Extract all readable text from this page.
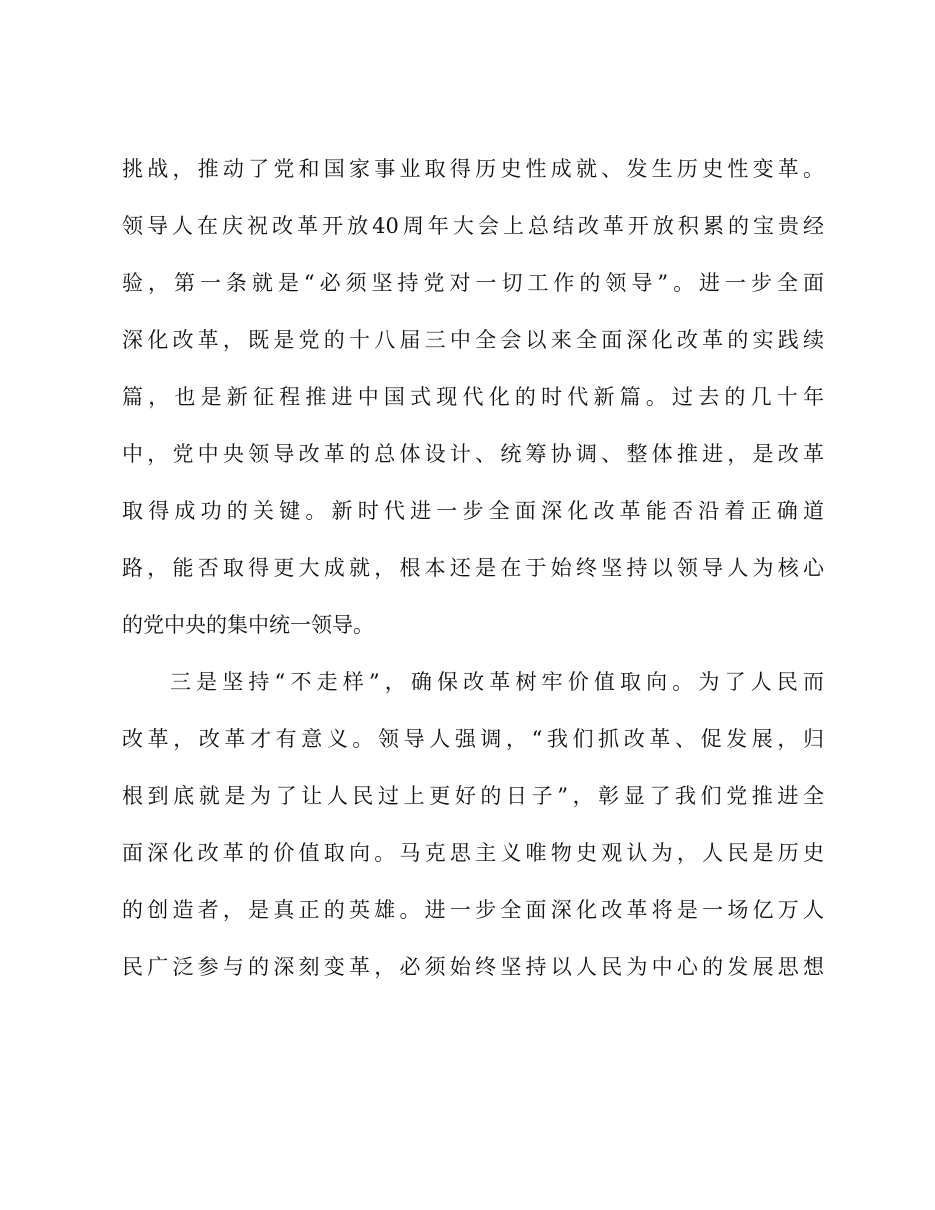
挑战，推动了党和国家事业取得历史性成就、发生历史性变革。
领导人在庆祝改革开放40周年大会上总结改革开放积累的宝贵经
验，第一条就是“必须坚持党对一切工作的领导”。进一步全面
深化改革，既是党的十八届三中全会以来全面深化改革的实践续
篇，也是新征程推进中国式现代化的时代新篇。过去的几十年
中，党中央领导改革的总体设计、统筹协调、整体推进，是改革
取得成功的关键。新时代进一步全面深化改革能否沿着正确道
路，能否取得更大成就，根本还是在于始终坚持以领导人为核心
的党中央的集中统一领导。
三是坚持“不走样”，确保改革树牢价值取向。为了人民而
改革，改革才有意义。领导人强调，“我们抓改革、促发展，归
根到底就是为了让人民过上更好的日子”，彰显了我们党推进全
面深化改革的价值取向。马克思主义唯物史观认为，人民是历史
的创造者，是真正的英雄。进一步全面深化改革将是一场亿万人
民广泛参与的深刻变革，必须始终坚持以人民为中心的发展思想
